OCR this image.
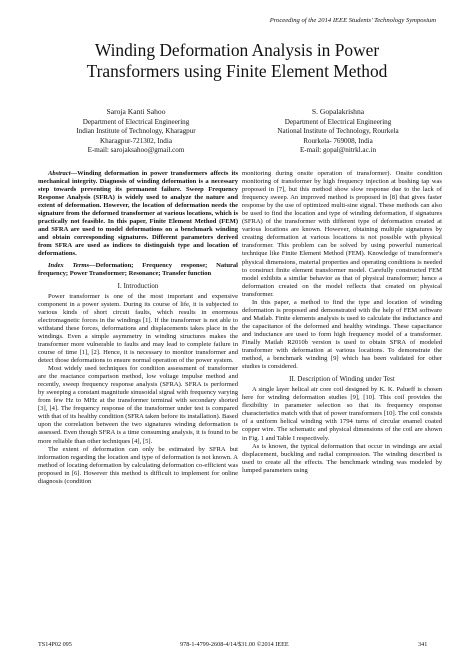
Proceeding of the 2014 IEEE Students' Technology Symposium
Winding Deformation Analysis in Power
Transformers using Finite Element Method
Saroja Kanti Sahoo
Department of Electrical Engineering
Indian Institute of Technology, Kharagpur
Kharagpur-721302, India
E-mail: sarojaksahoo@gmail.com
S. Gopalakrishna
Department of Electrical Engineering
National Institute of Technology, Rourkela
Rourkela- 769008, India
E-mail: gopal@nitrkl.ac.in

Abstract—Winding deformation in power transformers affects its mechanical integrity. Diagnosis of winding deformation is a necessary step towards preventing its permanent failure. Sweep Frequency Response Analysis (SFRA) is widely used to analyze the nature and extent of deformation. However, the location of deformation needs the signature from the deformed transformer at various locations, which is practically not feasible. In this paper, Finite Element Method (FEM) and SFRA are used to model deformations on a benchmark winding and obtain corresponding signatures. Different parameters derived from SFRA are used as indices to distinguish type and location of deformations.

Index Terms—Deformation; Frequency response; Natural frequency; Power Transformer; Resonance; Transfer function

I. Introduction

Power transformer is one of the most important and expensive component in a power system. During its course of life, it is subjected to various kinds of short circuit faults, which results in enormous electromagnetic forces in the windings [1]. If the transformer is not able to withstand these forces, deformations and displacements takes place in the windings. Even a simple asymmetry in winding structures makes the transformer more vulnerable to faults and may lead to complete failure in course of time [1], [2]. Hence, it is necessary to monitor transformer and detect those deformations to ensure normal operation of the power system.

Most widely used techniques for condition assessment of transformer are the reactance comparison method, low voltage impulse method and recently, sweep frequency response analysis (SFRA). SFRA is performed by sweeping a constant magnitude sinusoidal signal with frequency varying from few Hz to MHz at the transformer terminal with secondary shorted [3], [4]. The frequency response of the transformer under test is compared with that of its healthy condition (SFRA taken before its installation). Based upon the correlation between the two signatures winding deformation is assessed. Even though SFRA is a time consuming analysis, it is found to be more reliable than other techniques [4], [5].

The extent of deformation can only be estimated by SFRA but information regarding the location and type of deformation is not known. A method of locating deformation by calculating deformation co-efficient was proposed in [6]. However this method is difficult to implement for online diagnosis (condition

monitoring during onsite operation of transformer). Onsite condition monitoring of transformer by high frequency injection at bushing tap was proposed in [7], but this method show slow response due to the lack of frequency sweep. An improved method is proposed in [8] that gives faster response by the use of optimized multi-sine signal. These methods can also be used to find the location and type of winding deformation, if signatures (SFRA) of the transformer with different type of deformation created at various locations are known. However, obtaining multiple signatures by creating deformation at various locations is not possible with physical transformer. This problem can be solved by using powerful numerical technique like Finite Element Method (FEM). Knowledge of transformer's physical dimensions, material properties and operating conditions is needed to construct finite element transformer model. Carefully constructed FEM model exhibits a similar behavior as that of physical transformer; hence a deformation created on the model reflects that created on physical transformer.

In this paper, a method to find the type and location of winding deformation is proposed and demonstrated with the help of FEM software and Matlab. Finite elements analysis is used to calculate the inductance and the capacitance of the deformed and healthy windings. These capacitance and inductance are used to form high frequency model of a transformer. Finally Matlab R2010b version is used to obtain SFRA of modeled transformer with deformation at various locations. To demonstrate the method, a benchmark winding [9] which has been validated for other studies is considered.

II. Description of Winding under Test

A single layer helical air core coil designed by K. K. Palueff is chosen here for winding deformation studies [9], [10]. This coil provides the flexibility in parameter selection so that its frequency response characteristics match with that of power transformers [10]. The coil consists of a uniform helical winding with 1794 turns of circular enamel coated copper wire. The schematic and physical dimensions of the coil are shown in Fig. 1 and Table I respectively.

As is known, the typical deformation that occur in windings are axial displacement, buckling and radial compression. The winding described is used to create all the effects. The benchmark winding was modeled by lumped parameters using

TS14P02 095	978-1-4799-2608-4/14/$31.00 ©2014 IEEE	341
